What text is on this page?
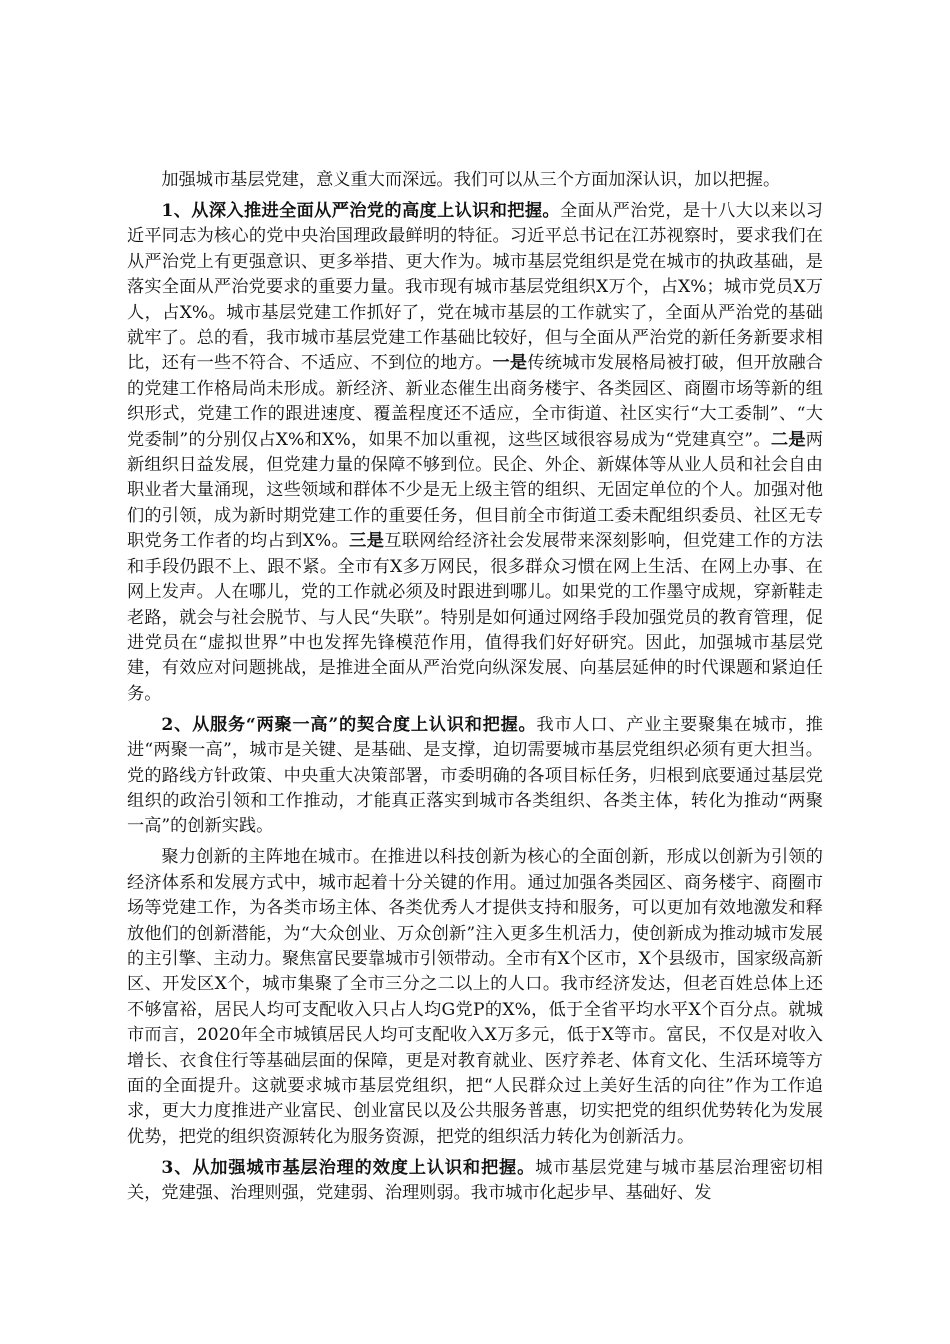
加强城市基层党建，意义重大而深远。我们可以从三个方面加深认识，加以把握。

1、从深入推进全面从严治党的高度上认识和把握。全面从严治党，是十八大以来以习近平同志为核心的党中央治国理政最鲜明的特征。习近平总书记在江苏视察时，要求我们在从严治党上有更强意识、更多举措、更大作为。城市基层党组织是党在城市的执政基础，是落实全面从严治党要求的重要力量。我市现有城市基层党组织X万个，占X%；城市党员X万人，占X%。城市基层党建工作抓好了，党在城市基层的工作就实了，全面从严治党的基础就牢了。总的看，我市城市基层党建工作基础比较好，但与全面从严治党的新任务新要求相比，还有一些不符合、不适应、不到位的地方。一是传统城市发展格局被打破，但开放融合的党建工作格局尚未形成。新经济、新业态催生出商务楼宇、各类园区、商圈市场等新的组织形式，党建工作的跟进速度、覆盖程度还不适应，全市街道、社区实行“大工委制”、“大党委制”的分别仅占X%和X%，如果不加以重视，这些区域很容易成为“党建真空”。二是两新组织日益发展，但党建力量的保障不够到位。民企、外企、新媒体等从业人员和社会自由职业者大量涌现，这些领域和群体不少是无上级主管的组织、无固定单位的个人。加强对他们的引领，成为新时期党建工作的重要任务，但目前全市街道工委未配组织委员、社区无专职党务工作者的均占到X%。三是互联网给经济社会发展带来深刻影响，但党建工作的方法和手段仍跟不上、跟不紧。全市有X多万网民，很多群众习惯在网上生活、在网上办事、在网上发声。人在哪儿，党的工作就必须及时跟进到哪儿。如果党的工作墨守成规，穿新鞋走老路，就会与社会脱节、与人民“失联”。特别是如何通过网络手段加强党员的教育管理，促进党员在“虚拟世界”中也发挥先锋模范作用，值得我们好好研究。因此，加强城市基层党建，有效应对问题挑战，是推进全面从严治党向纵深发展、向基层延伸的时代课题和紧迫任务。

2、从服务“两聚一高”的契合度上认识和把握。我市人口、产业主要聚集在城市，推进“两聚一高”，城市是关键、是基础、是支撑，迫切需要城市基层党组织必须有更大担当。党的路线方针政策、中央重大决策部署，市委明确的各项目标任务，归根到底要通过基层党组织的政治引领和工作推动，才能真正落实到城市各类组织、各类主体，转化为推动“两聚一高”的创新实践。

聚力创新的主阵地在城市。在推进以科技创新为核心的全面创新，形成以创新为引领的经济体系和发展方式中，城市起着十分关键的作用。通过加强各类园区、商务楼宇、商圈市场等党建工作，为各类市场主体、各类优秀人才提供支持和服务，可以更加有效地激发和释放他们的创新潜能，为“大众创业、万众创新”注入更多生机活力，使创新成为推动城市发展的主引擎、主动力。聚焦富民要靠城市引领带动。全市有X个区市，X个县级市，国家级高新区、开发区X个，城市集聚了全市三分之二以上的人口。我市经济发达，但老百姓总体上还不够富裕，居民人均可支配收入只占人均G党P的X%，低于全省平均水平X个百分点。就城市而言，2020年全市城镇居民人均可支配收入X万多元，低于X等市。富民，不仅是对收入增长、衣食住行等基础层面的保障，更是对教育就业、医疗养老、体育文化、生活环境等方面的全面提升。这就要求城市基层党组织，把“人民群众过上美好生活的向往”作为工作追求，更大力度推进产业富民、创业富民以及公共服务普惠，切实把党的组织优势转化为发展优势，把党的组织资源转化为服务资源，把党的组织活力转化为创新活力。

3、从加强城市基层治理的效度上认识和把握。城市基层党建与城市基层治理密切相关，党建强、治理则强，党建弱、治理则弱。我市城市化起步早、基础好、发
